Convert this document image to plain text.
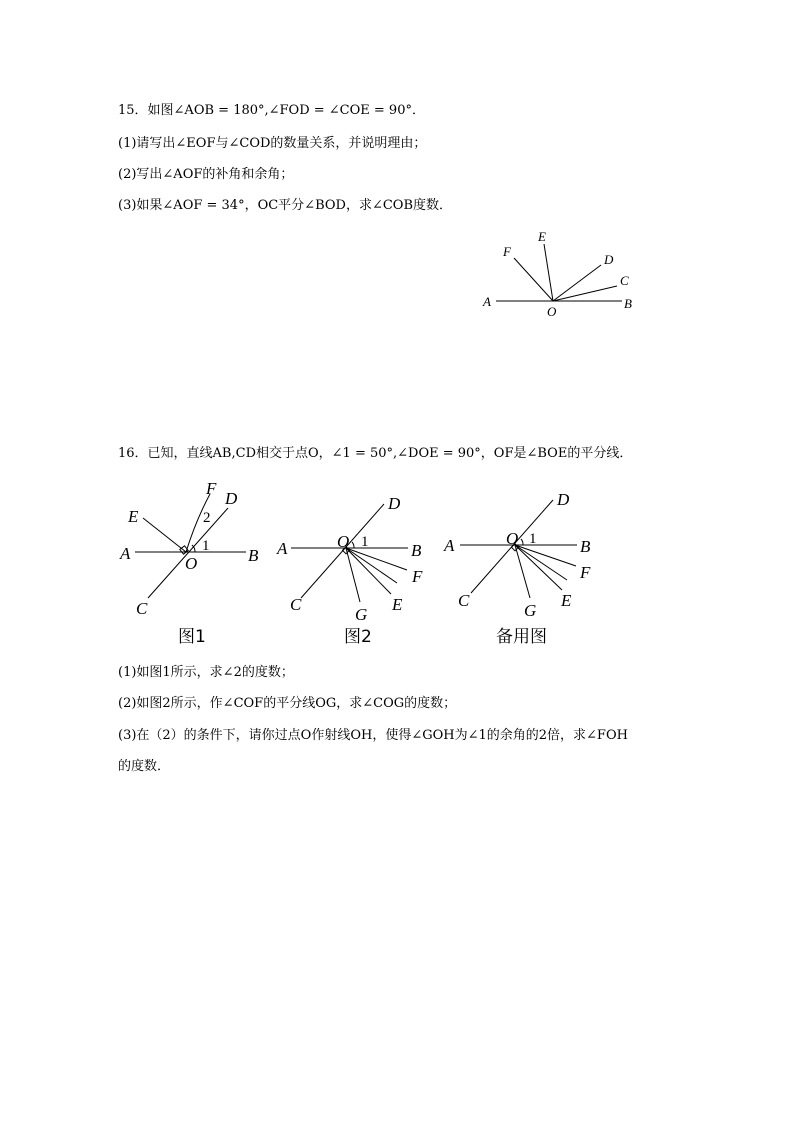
15．如图∠AOB = 180°,∠FOD = ∠COE = 90°．
(1)请写出∠EOF与∠COD的数量关系，并说明理由；
(2)写出∠AOF的补角和余角；
(3)如果∠AOF = 34°，OC平分∠BOD，求∠COB度数．
A	B
O
F
E
D
C
16．已知，直线AB,CD相交于点O，∠1 = 50°,∠DOE = 90°，OF是∠BOE的平分线．
A	B
O
C
D
E
F
1
2
A	B
O
C
D
E
F
G
1	A	B
O
C
D
E
F
G
1
图1	图2	备用图
(1)如图1所示，求∠2的度数；
(2)如图2所示，作∠COF的平分线OG，求∠COG的度数；
(3)在（2）的条件下，请你过点O作射线OH，使得∠GOH为∠1的余角的2倍，求∠FOH
的度数．
